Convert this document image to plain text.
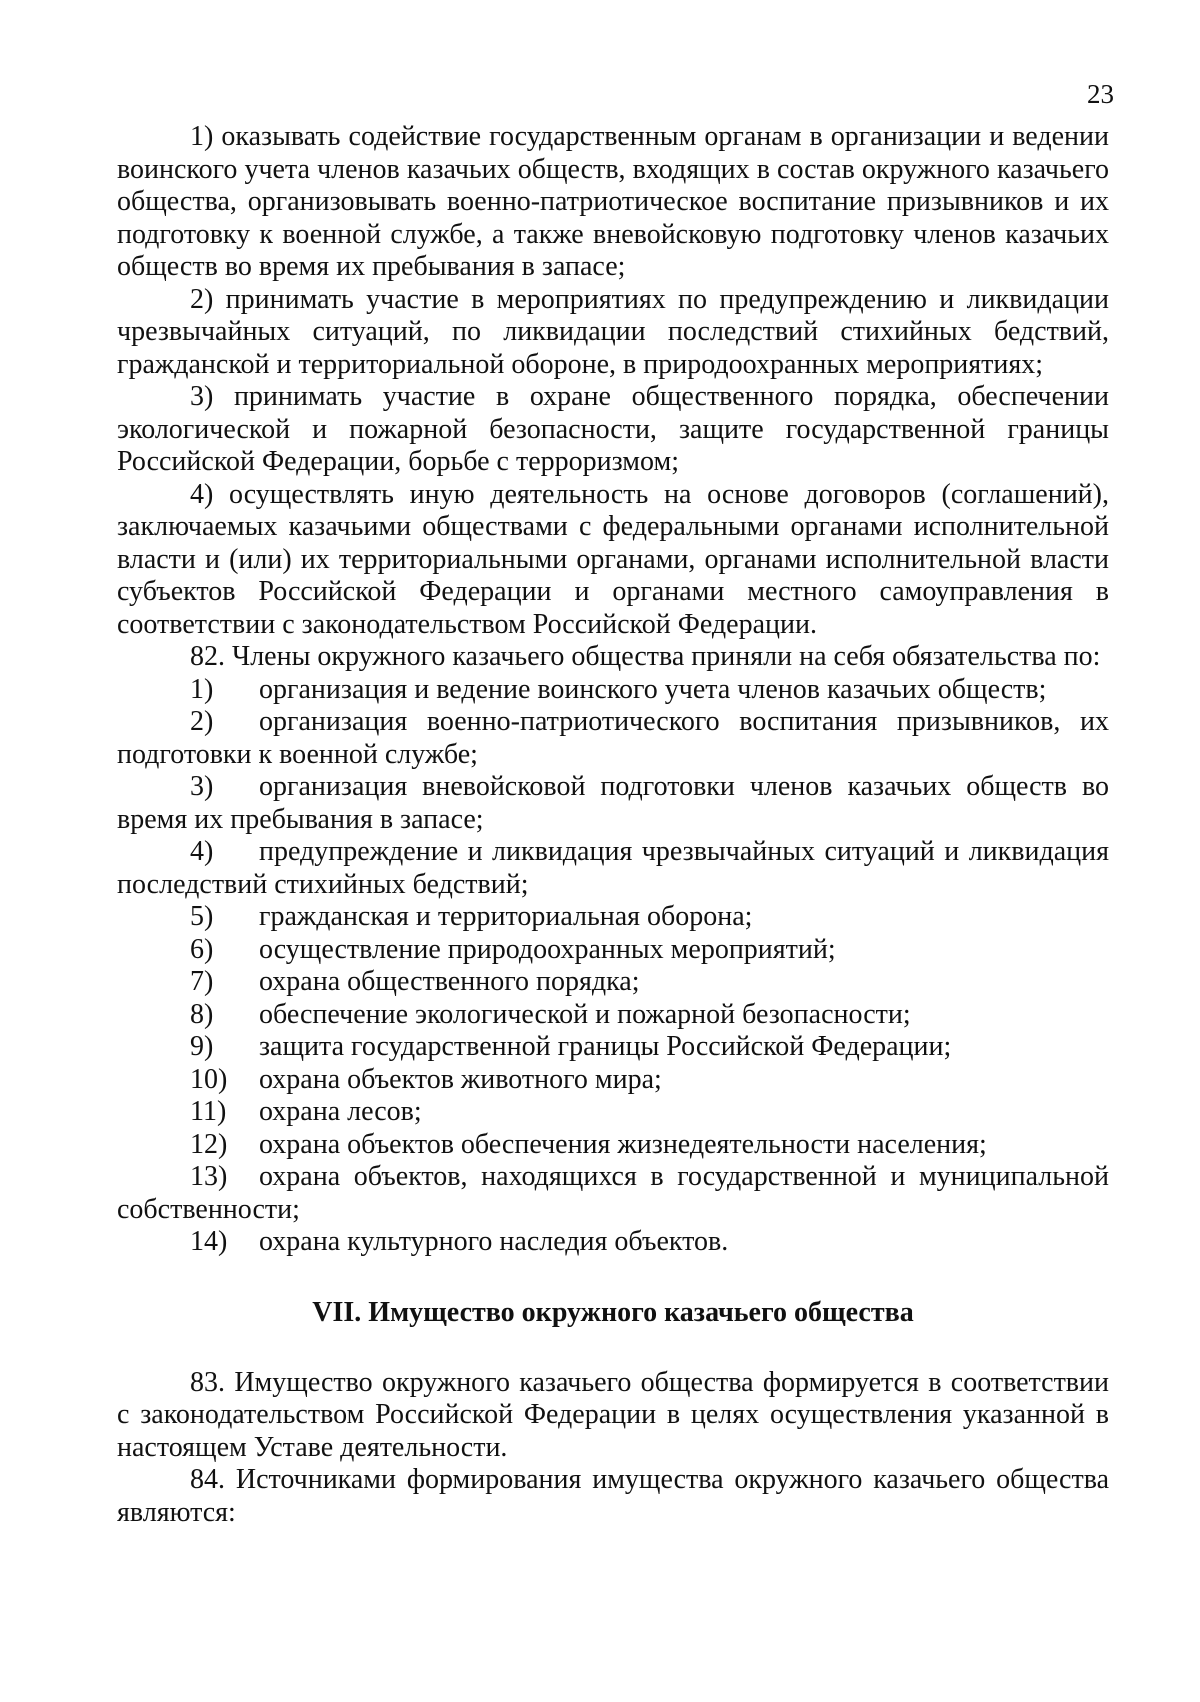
23

1) оказывать содействие государственным органам в организации и ведении воинского учета членов казачьих обществ, входящих в состав окружного казачьего общества, организовывать военно-патриотическое воспитание призывников и их подготовку к военной службе, а также вневойсковую подготовку членов казачьих обществ во время их пребывания в запасе;

2) принимать участие в мероприятиях по предупреждению и ликвидации чрезвычайных ситуаций, по ликвидации последствий стихийных бедствий, гражданской и территориальной обороне, в природоохранных мероприятиях;

3) принимать участие в охране общественного порядка, обеспечении экологической и пожарной безопасности, защите государственной границы Российской Федерации, борьбе с терроризмом;

4) осуществлять иную деятельность на основе договоров (соглашений), заключаемых казачьими обществами с федеральными органами исполнительной власти и (или) их территориальными органами, органами исполнительной власти субъектов Российской Федерации и органами местного самоуправления в соответствии с законодательством Российской Федерации.

82. Члены окружного казачьего общества приняли на себя обязательства по:

1) организация и ведение воинского учета членов казачьих обществ;

2) организация военно-патриотического воспитания призывников, их подготовки к военной службе;

3) организация вневойсковой подготовки членов казачьих обществ во время их пребывания в запасе;

4) предупреждение и ликвидация чрезвычайных ситуаций и ликвидация последствий стихийных бедствий;

5) гражданская и территориальная оборона;

6) осуществление природоохранных мероприятий;

7) охрана общественного порядка;

8) обеспечение экологической и пожарной безопасности;

9) защита государственной границы Российской Федерации;

10) охрана объектов животного мира;

11) охрана лесов;

12) охрана объектов обеспечения жизнедеятельности населения;

13) охрана объектов, находящихся в государственной и муниципальной собственности;

14) охрана культурного наследия объектов.

VII. Имущество окружного казачьего общества

83. Имущество окружного казачьего общества формируется в соответствии с законодательством Российской Федерации в целях осуществления указанной в настоящем Уставе деятельности.

84. Источниками формирования имущества окружного казачьего общества являются:
